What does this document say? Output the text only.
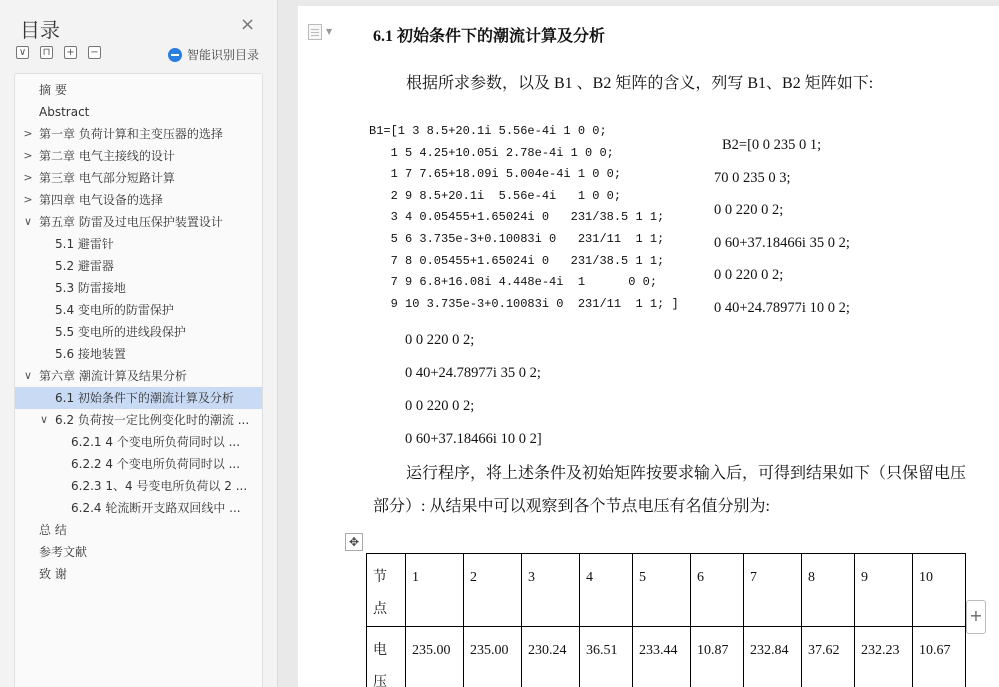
目录	×
∨ ⊓ + −	智能识别目录
摘 要
Abstract
> 第一章 负荷计算和主变压器的选择
> 第二章 电气主接线的设计
> 第三章 电气部分短路计算
> 第四章 电气设备的选择
∨ 第五章 防雷及过电压保护装置设计
5.1 避雷针
5.2 避雷器
5.3 防雷接地
5.4 变电所的防雷保护
5.5 变电所的进线段保护
5.6 接地装置
∨ 第六章 潮流计算及结果分析
6.1 初始条件下的潮流计算及分析
∨ 6.2 负荷按一定比例变化时的潮流 ...
6.2.1 4 个变电所负荷同时以 ...
6.2.2 4 个变电所负荷同时以 ...
6.2.3 1、4 号变电所负荷以 2 ...
6.2.4 轮流断开支路双回线中 ...
总 结
参考文献
致 谢
▼	6.1 初始条件下的潮流计算及分析
根据所求参数，以及 B1 、B2 矩阵的含义，列写 B1、B2 矩阵如下:
B1=[1 3 8.5+20.1i 5.56e-4i 1 0 0;
1 5 4.25+10.05i 2.78e-4i 1 0 0;
1 7 7.65+18.09i 5.004e-4i 1 0 0;
2 9 8.5+20.1i  5.56e-4i   1 0 0;
3 4 0.05455+1.65024i 0   231/38.5 1 1;
5 6 3.735e-3+0.10083i 0   231/11  1 1;
7 8 0.05455+1.65024i 0   231/38.5 1 1;
7 9 6.8+16.08i 4.448e-4i  1      0 0;
9 10 3.735e-3+0.10083i 0  231/11  1 1; ]
B2=[0 0 235 0 1;
70 0 235 0 3;
0 0 220 0 2;
0 60+37.18466i 35 0 2;
0 0 220 0 2;
0 40+24.78977i 10 0 2;
0 0 220 0 2;
0 40+24.78977i 35 0 2;
0 0 220 0 2;
0 60+37.18466i 10 0 2]
运行程序，将上述条件及初始矩阵按要求输入后，可得到结果如下（只保留电压
部分）: 从结果中可以观察到各个节点电压有名值分别为:
✥
节
点	1	2	3	4	5	6	7	8	9	10
电
压	235.00	235.00	230.24	36.51	233.44	10.87	232.84	37.62	232.23	10.67
+
